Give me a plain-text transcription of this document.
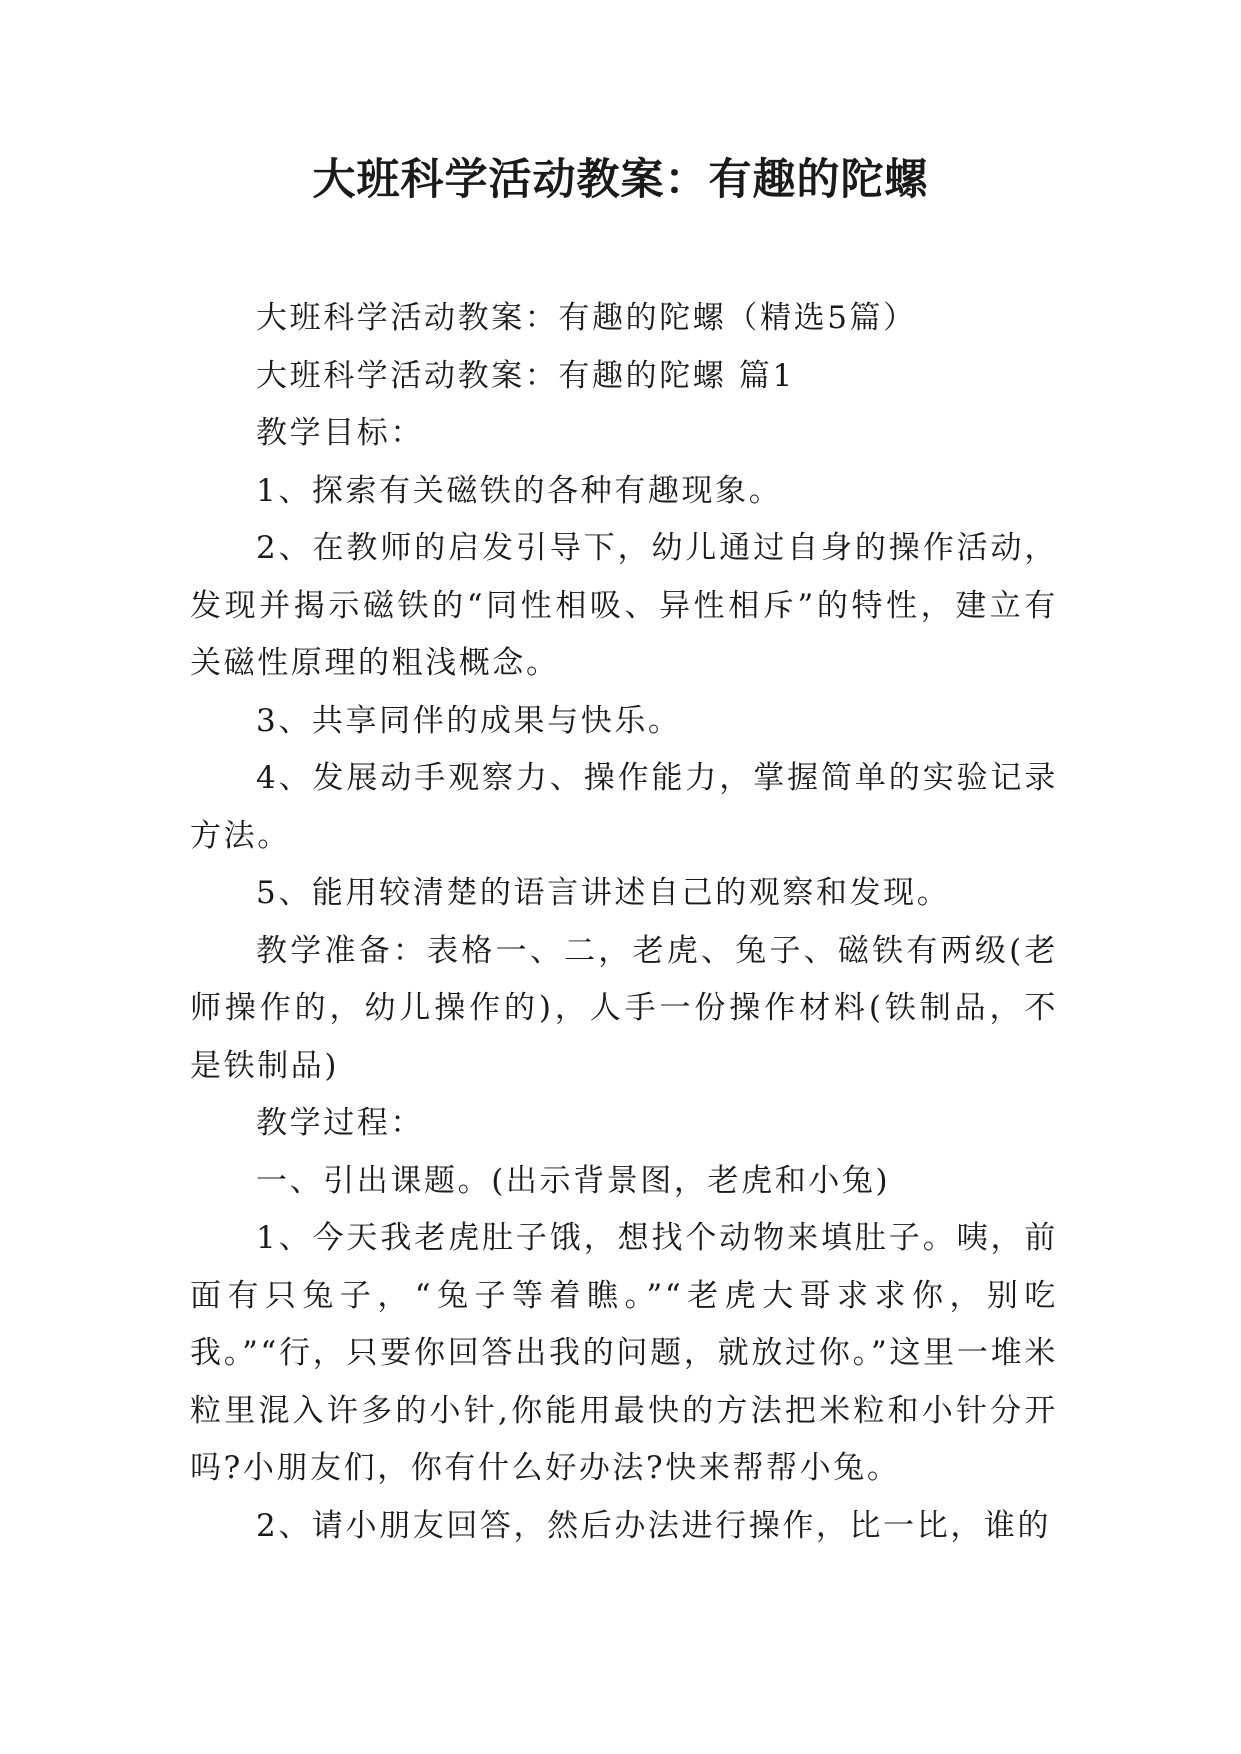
大班科学活动教案：有趣的陀螺

大班科学活动教案：有趣的陀螺（精选5篇）

大班科学活动教案：有趣的陀螺 篇1

教学目标：

1、探索有关磁铁的各种有趣现象。

2、在教师的启发引导下，幼儿通过自身的操作活动，发现并揭示磁铁的“同性相吸、异性相斥”的特性，建立有关磁性原理的粗浅概念。

3、共享同伴的成果与快乐。

4、发展动手观察力、操作能力，掌握简单的实验记录方法。

5、能用较清楚的语言讲述自己的观察和发现。

教学准备：表格一、二，老虎、兔子、磁铁有两级(老师操作的，幼儿操作的)，人手一份操作材料(铁制品，不是铁制品)

教学过程：

一、引出课题。(出示背景图，老虎和小兔)

1、今天我老虎肚子饿，想找个动物来填肚子。咦，前面有只兔子，“兔子等着瞧。”“老虎大哥求求你，别吃我。”“行，只要你回答出我的问题，就放过你。”这里一堆米粒里混入许多的小针,你能用最快的方法把米粒和小针分开吗?小朋友们，你有什么好办法?快来帮帮小兔。

2、请小朋友回答，然后办法进行操作，比一比，谁的
